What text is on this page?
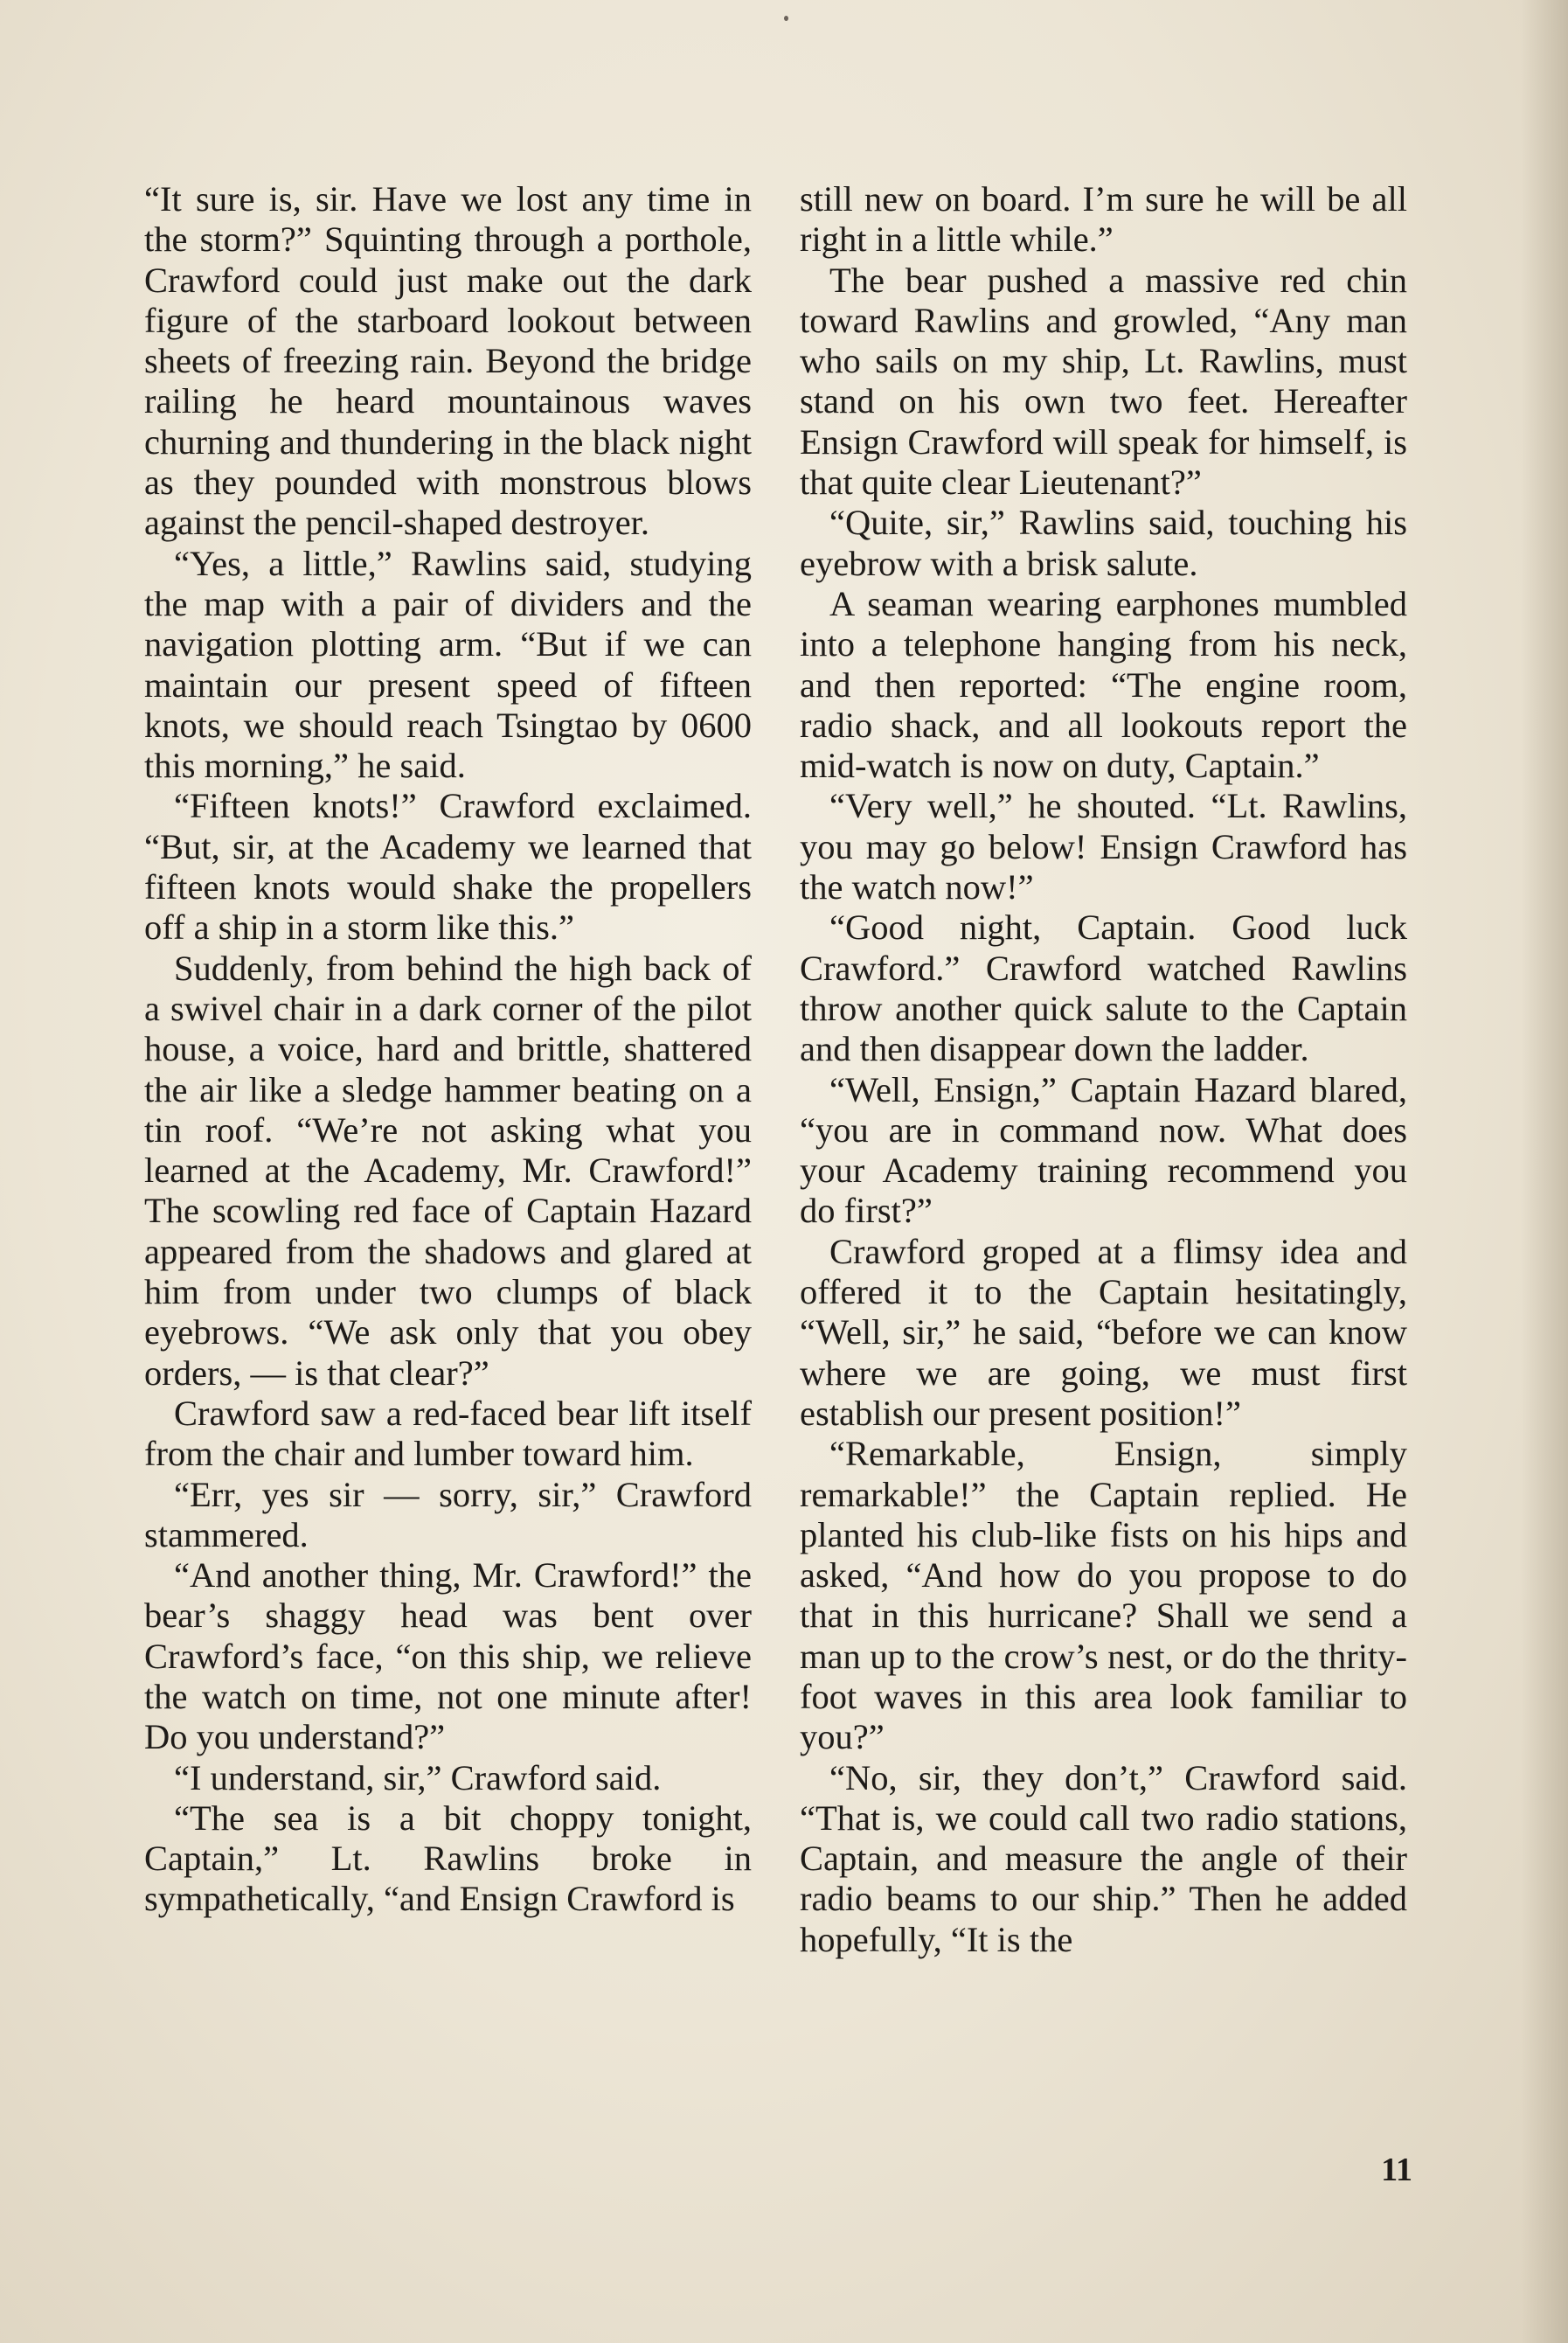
“It sure is, sir. Have we lost any time in the storm?” Squinting through a porthole, Crawford could just make out the dark figure of the starboard lookout between sheets of freezing rain. Beyond the bridge railing he heard mountainous waves churning and thundering in the black night as they pounded with monstrous blows against the pencil-shaped destroyer.

“Yes, a little,” Rawlins said, studying the map with a pair of dividers and the navigation plotting arm. “But if we can maintain our present speed of fifteen knots, we should reach Tsingtao by 0600 this morning,” he said.

“Fifteen knots!” Crawford exclaimed. “But, sir, at the Academy we learned that fifteen knots would shake the propellers off a ship in a storm like this.”

Suddenly, from behind the high back of a swivel chair in a dark corner of the pilot house, a voice, hard and brittle, shattered the air like a sledge hammer beating on a tin roof. “We’re not asking what you learned at the Academy, Mr. Crawford!” The scowling red face of Captain Hazard appeared from the shadows and glared at him from under two clumps of black eyebrows. “We ask only that you obey orders, — is that clear?”

Crawford saw a red-faced bear lift itself from the chair and lumber toward him.

“Err, yes sir — sorry, sir,” Crawford stammered.

“And another thing, Mr. Crawford!” the bear’s shaggy head was bent over Crawford’s face, “on this ship, we relieve the watch on time, not one minute after! Do you understand?”

“I understand, sir,” Crawford said.

“The sea is a bit choppy tonight, Captain,” Lt. Rawlins broke in sympathetically, “and Ensign Crawford is

still new on board. I’m sure he will be all right in a little while.”

The bear pushed a massive red chin toward Rawlins and growled, “Any man who sails on my ship, Lt. Rawlins, must stand on his own two feet. Hereafter Ensign Crawford will speak for himself, is that quite clear Lieutenant?”

“Quite, sir,” Rawlins said, touching his eyebrow with a brisk salute.

A seaman wearing earphones mumbled into a telephone hanging from his neck, and then reported: “The engine room, radio shack, and all lookouts report the mid-watch is now on duty, Captain.”

“Very well,” he shouted. “Lt. Rawlins, you may go below! Ensign Crawford has the watch now!”

“Good night, Captain. Good luck Crawford.” Crawford watched Rawlins throw another quick salute to the Captain and then disappear down the ladder.

“Well, Ensign,” Captain Hazard blared, “you are in command now. What does your Academy training recommend you do first?”

Crawford groped at a flimsy idea and offered it to the Captain hesitatingly, “Well, sir,” he said, “before we can know where we are going, we must first establish our present position!”

“Remarkable, Ensign, simply remarkable!” the Captain replied. He planted his club-like fists on his hips and asked, “And how do you propose to do that in this hurricane? Shall we send a man up to the crow’s nest, or do the thrity-foot waves in this area look familiar to you?”

“No, sir, they don’t,” Crawford said. “That is, we could call two radio stations, Captain, and measure the angle of their radio beams to our ship.” Then he added hopefully, “It is the

11
